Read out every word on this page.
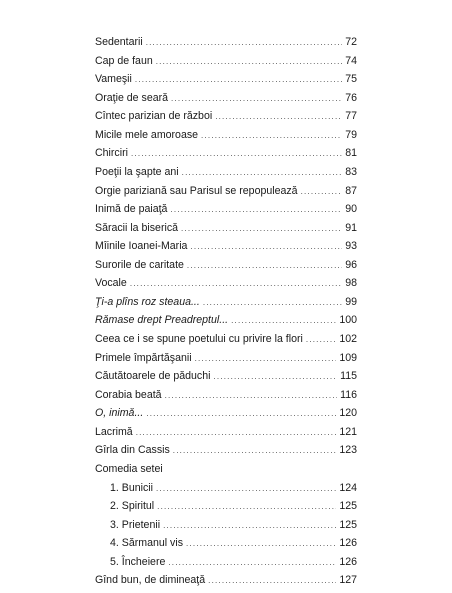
Sedentarii .....	72
Cap de faun .....	74
Vameşii .....	75
Oraţie de seară .....	76
Cîntec parizian de război .....	77
Micile mele amoroase .....	79
Chirciri .....	81
Poeţii la şapte ani .....	83
Orgie pariziană sau Parisul se repopulează .....	87
Inimă de paiaţă .....	90
Săracii la biserică .....	91
Mîinile Ioanei-Maria .....	93
Surorile de caritate .....	96
Vocale .....	98
Ţi-a plîns roz steaua... .....	99
Rămase drept Preadreptul... .....	100
Ceea ce i se spune poetului cu privire la flori .....	102
Primele împărtăşanii .....	109
Căutătoarele de păduchi .....	115
Corabia beată .....	116
O, inimă... .....	120
Lacrimă .....	121
Gîrla din Cassis .....	123
Comedia setei
1. Bunicii .....	124
2. Spiritul .....	125
3. Prietenii .....	125
4. Sărmanul vis .....	126
5. Încheiere .....	126
Gînd bun, de dimineaţă .....	127
